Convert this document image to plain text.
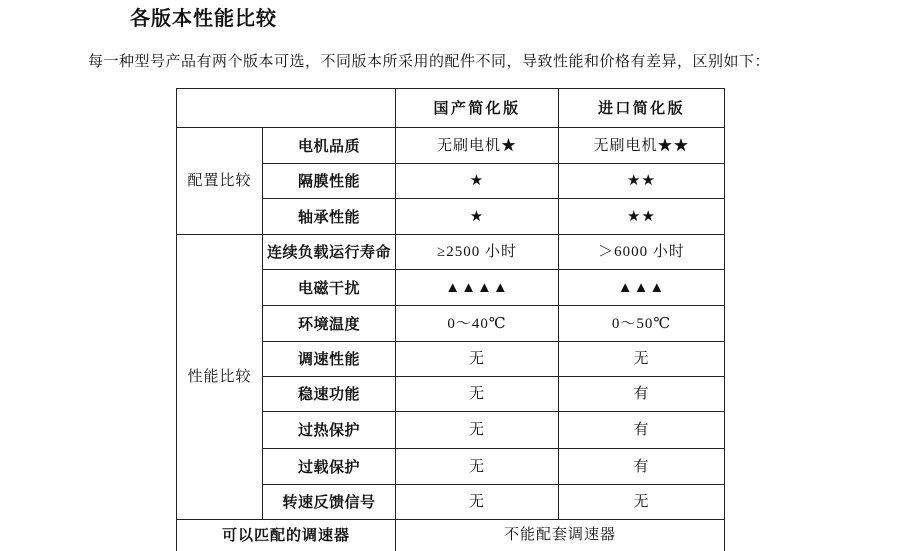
各版本性能比较

每一种型号产品有两个版本可选，不同版本所采用的配件不同，导致性能和价格有差异，区别如下：

		国产简化版	进口简化版
配置比较	电机品质	无刷电机★	无刷电机★★
	隔膜性能	★	★★
	轴承性能	★	★★
性能比较	连续负载运行寿命	≥2500 小时	＞6000 小时
	电磁干扰	▲▲▲▲	▲▲▲
	环境温度	0～40℃	0～50℃
	调速性能	无	无
	稳速功能	无	有
	过热保护	无	有
	过载保护	无	有
	转速反馈信号	无	无
可以匹配的调速器		不能配套调速器	
